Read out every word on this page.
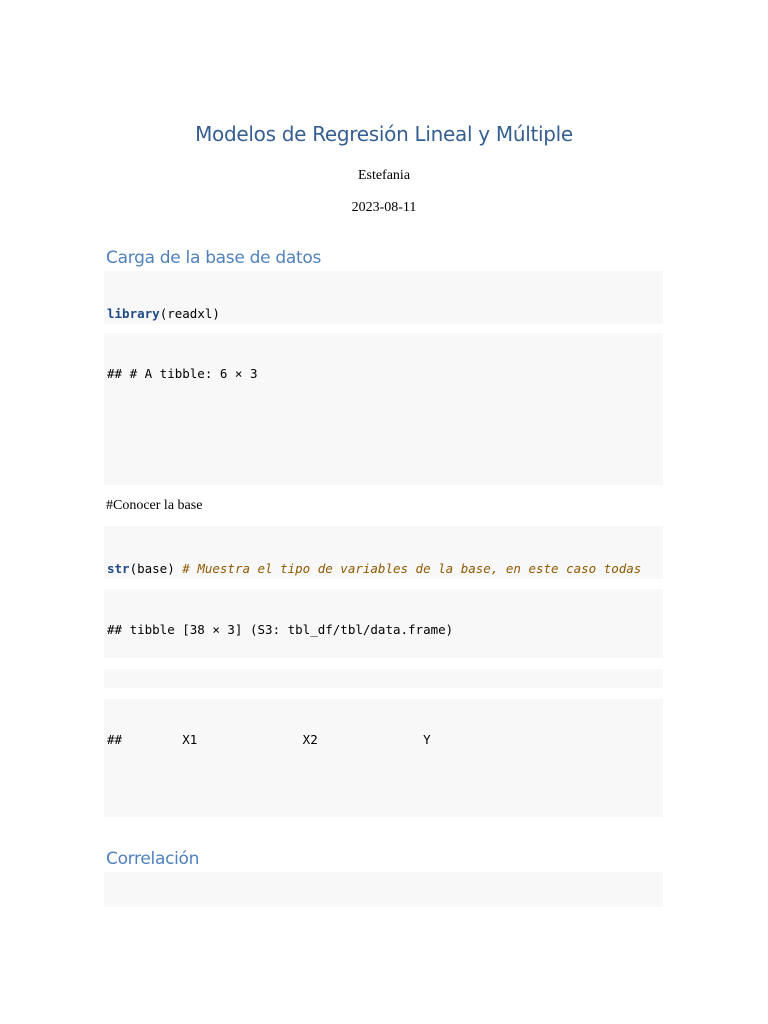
Modelos de Regresión Lineal y Múltiple
Estefania
2023-08-11
Carga de la base de datos

library(readxl)

## # A tibble: 6 × 3

#Conocer la base

str(base) # Muestra el tipo de variables de la base, en este caso todas

## tibble [38 × 3] (S3: tbl_df/tbl/data.frame)

##        X1              X2              Y

Correlación
